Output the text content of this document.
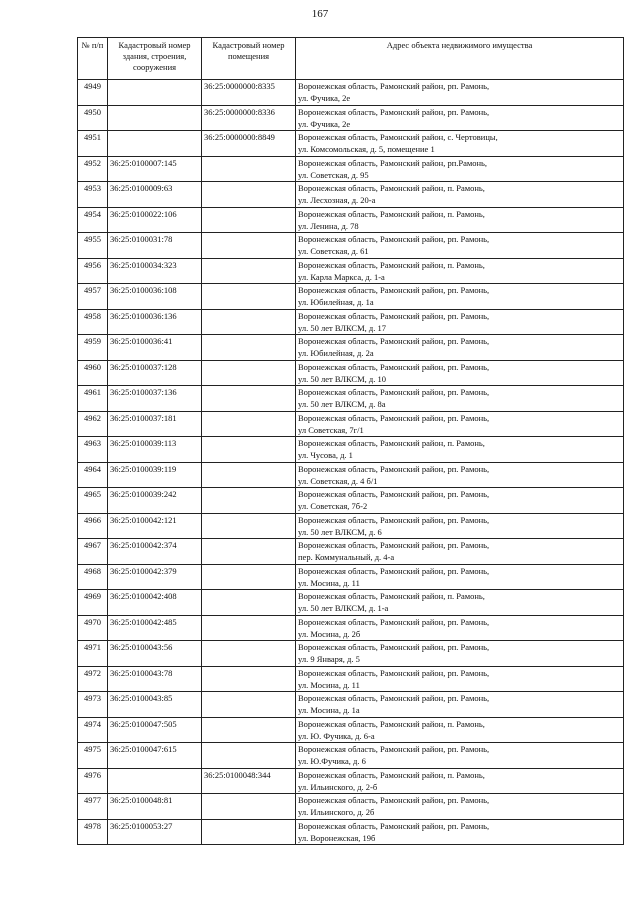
167
№ п/п	Кадастровый номер здания, строения, сооружения	Кадастровый номер помещения	Адрес объекта недвижимого имущества
4949		36:25:0000000:8335	Воронежская область, Рамонский район, рп. Рамонь,
ул. Фучика, 2е

4950		36:25:0000000:8336	Воронежская область, Рамонский район, рп. Рамонь,
ул. Фучика, 2е

4951		36:25:0000000:8849	Воронежская область, Рамонский район, с. Чертовицы,
ул. Комсомольская, д. 5, помещение 1

4952	36:25:0100007:145		Воронежская область, Рамонский район, рп.Рамонь,
ул. Советская, д. 95

4953	36:25:0100009:63		Воронежская область, Рамонский район, п. Рамонь,
ул. Лесхозная, д. 20-а

4954	36:25:0100022:106		Воронежская область, Рамонский район, п. Рамонь,
ул. Ленина, д. 78

4955	36:25:0100031:78		Воронежская область, Рамонский район, рп. Рамонь,
ул. Советская, д. 61

4956	36:25:0100034:323		Воронежская область, Рамонский район, п. Рамонь,
ул. Карла Маркса, д. 1-а

4957	36:25:0100036:108		Воронежская область, Рамонский район, рп. Рамонь,
ул. Юбилейная, д. 1а

4958	36:25:0100036:136		Воронежская область, Рамонский район, рп. Рамонь,
ул. 50 лет ВЛКСМ, д. 17

4959	36:25:0100036:41		Воронежская область, Рамонский район, рп. Рамонь,
ул. Юбилейная, д. 2а

4960	36:25:0100037:128		Воронежская область, Рамонский район, рп. Рамонь,
ул. 50 лет ВЛКСМ, д. 10

4961	36:25:0100037:136		Воронежская область, Рамонский район, рп. Рамонь,
ул. 50 лет ВЛКСМ, д. 8а

4962	36:25:0100037:181		Воронежская область, Рамонский район, рп. Рамонь,
ул Советская, 7г/1

4963	36:25:0100039:113		Воронежская область, Рамонский район, п. Рамонь,
ул. Чусова, д. 1

4964	36:25:0100039:119		Воронежская область, Рамонский район, рп. Рамонь,
ул. Советская, д. 4 б/1

4965	36:25:0100039:242		Воронежская область, Рамонский район, рп. Рамонь,
ул. Советская, 7б-2

4966	36:25:0100042:121		Воронежская область, Рамонский район, рп. Рамонь,
ул. 50 лет ВЛКСМ, д. 6

4967	36:25:0100042:374		Воронежская область, Рамонский район, рп. Рамонь,
пер. Коммунальный, д. 4-а

4968	36:25:0100042:379		Воронежская область, Рамонский район, рп. Рамонь,
ул. Мосина, д. 11

4969	36:25:0100042:408		Воронежская область, Рамонский район, п. Рамонь,
ул. 50 лет ВЛКСМ, д. 1-а

4970	36:25:0100042:485		Воронежская область, Рамонский район, рп. Рамонь,
ул. Мосина, д. 2б

4971	36:25:0100043:56		Воронежская область, Рамонский район, рп. Рамонь,
ул. 9 Января, д. 5

4972	36:25:0100043:78		Воронежская область, Рамонский район, рп. Рамонь,
ул. Мосина, д. 11

4973	36:25:0100043:85		Воронежская область, Рамонский район, рп. Рамонь,
ул. Мосина, д. 1а

4974	36:25:0100047:505		Воронежская область, Рамонский район, п. Рамонь,
ул. Ю. Фучика, д. 6-а

4975	36:25:0100047:615		Воронежская область, Рамонский район, рп. Рамонь,
ул. Ю.Фучика, д. 6

4976		36:25:0100048:344	Воронежская область, Рамонский район, п. Рамонь,
ул. Ильинского, д. 2-б

4977	36:25:0100048:81		Воронежская область, Рамонский район, рп. Рамонь,
ул. Ильинского, д. 2б

4978	36:25:0100053:27		Воронежская область, Рамонский район, рп. Рамонь,
ул. Воронежская, 19б
